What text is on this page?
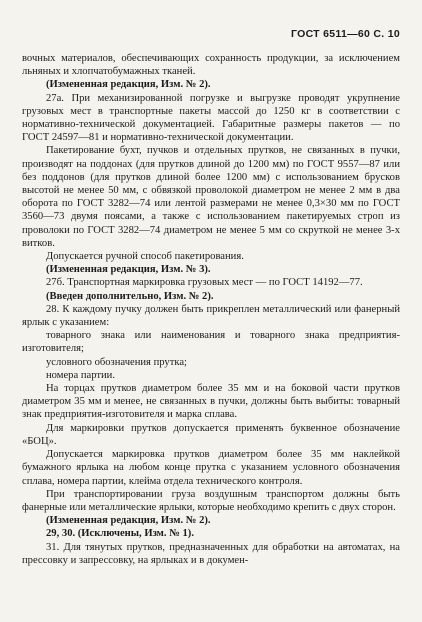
ГОСТ 6511—60 С. 10

вочных материалов, обеспечивающих сохранность продукции, за исключением льняных и хлопчатобумажных тканей.

(Измененная редакция, Изм. № 2).

27а. При механизированной погрузке и выгрузке проводят укрупнение грузовых мест в транспортные пакеты массой до 1250 кг в соответствии с нормативно-технической документацией. Габаритные размеры пакетов — по ГОСТ 24597—81 и нормативно-технической документации.

Пакетирование бухт, пучков и отдельных прутков, не связанных в пучки, производят на поддонах (для прутков длиной до 1200 мм) по ГОСТ 9557—87 или без поддонов (для прутков длиной более 1200 мм) с использованием брусков высотой не менее 50 мм, с обвязкой проволокой диаметром не менее 2 мм в два оборота по ГОСТ 3282—74 или лентой размерами не менее 0,3×30 мм по ГОСТ 3560—73 двумя поясами, а также с использованием пакетируемых строп из проволоки по ГОСТ 3282—74 диаметром не менее 5 мм со скруткой не менее 3-х витков.

Допускается ручной способ пакетирования.

(Измененная редакция, Изм. № 3).

27б. Транспортная маркировка грузовых мест — по ГОСТ 14192—77.

(Введен дополнительно, Изм. № 2).

28. К каждому пучку должен быть прикреплен металлический или фанерный ярлык с указанием:

товарного знака или наименования и товарного знака предприятия-изготовителя;

условного обозначения прутка;

номера партии.

На торцах прутков диаметром более 35 мм и на боковой части прутков диаметром 35 мм и менее, не связанных в пучки, должны быть выбиты: товарный знак предприятия-изготовителя и марка сплава.

Для маркировки прутков допускается применять буквенное обозначение «БОЦ».

Допускается маркировка прутков диаметром более 35 мм наклейкой бумажного ярлыка на любом конце прутка с указанием условного обозначения сплава, номера партии, клейма отдела технического контроля.

При транспортировании груза воздушным транспортом должны быть фанерные или металлические ярлыки, которые необходимо крепить с двух сторон.

(Измененная редакция, Изм. № 2).

29, 30. (Исключены, Изм. № 1).

31. Для тянутых прутков, предназначенных для обработки на автоматах, на прессовку и запрессовку, на ярлыках и в докумен-
